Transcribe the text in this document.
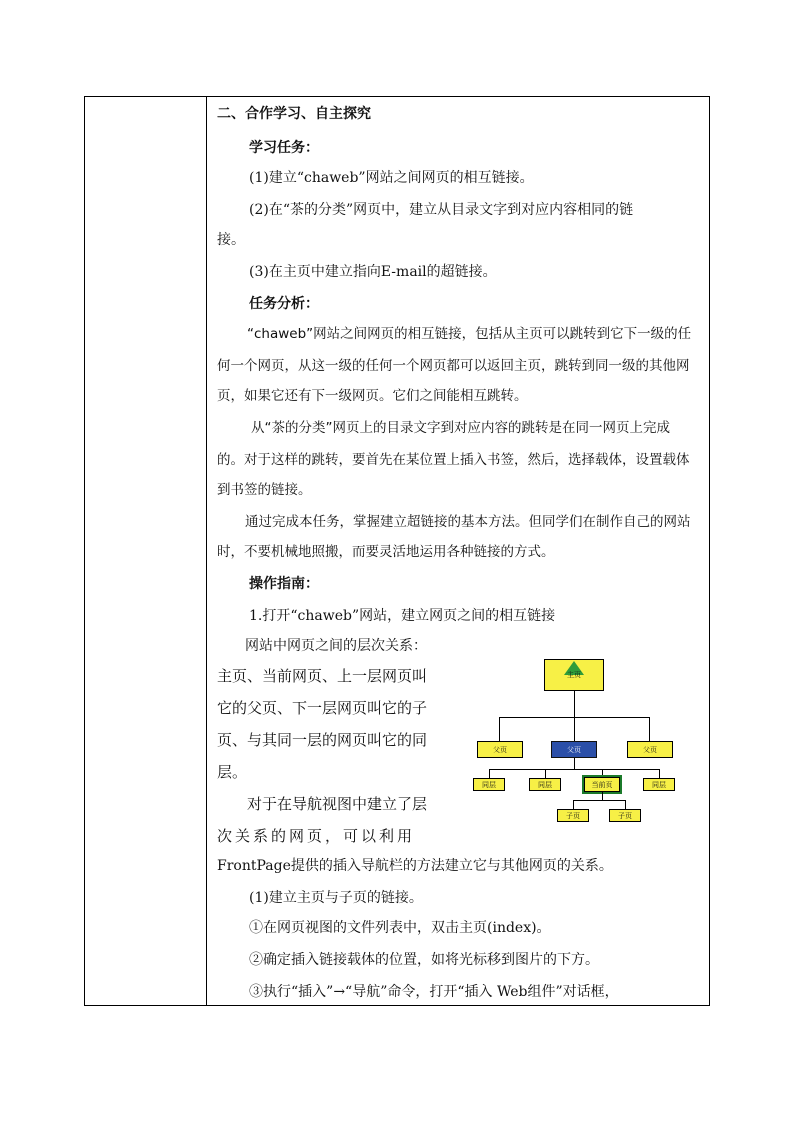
二、合作学习、自主探究
学习任务：
(1)建立“chaweb”网站之间网页的相互链接。
(2)在“茶的分类”网页中，建立从目录文字到对应内容相同的链
接。
(3)在主页中建立指向E-mail的超链接。
任务分析：
“chaweb”网站之间网页的相互链接，包括从主页可以跳转到它下一级的任
何一个网页，从这一级的任何一个网页都可以返回主页，跳转到同一级的其他网
页，如果它还有下一级网页。它们之间能相互跳转。
从“茶的分类”网页上的目录文字到对应内容的跳转是在同一网页上完成
的。对于这样的跳转，要首先在某位置上插入书签，然后，选择载体，设置载体
到书签的链接。
通过完成本任务，掌握建立超链接的基本方法。但同学们在制作自己的网站
时，不要机械地照搬，而要灵活地运用各种链接的方式。
操作指南：
1.打开“chaweb”网站，建立网页之间的相互链接
网站中网页之间的层次关系：
主页、当前网页、上一层网页叫
它的父页、下一层网页叫它的子
页、与其同一层的网页叫它的同
层。
对于在导航视图中建立了层
次关系的网页，可以利用
FrontPage提供的插入导航栏的方法建立它与其他网页的关系。
(1)建立主页与子页的链接。
①在网页视图的文件列表中，双击主页(index)。
②确定插入链接载体的位置，如将光标移到图片的下方。
③执行“插入”→“导航”命令，打开“插入 Web组件”对话框，
主页
父页	父页	父页
同层	同层	当前页	同层
子页	子页
